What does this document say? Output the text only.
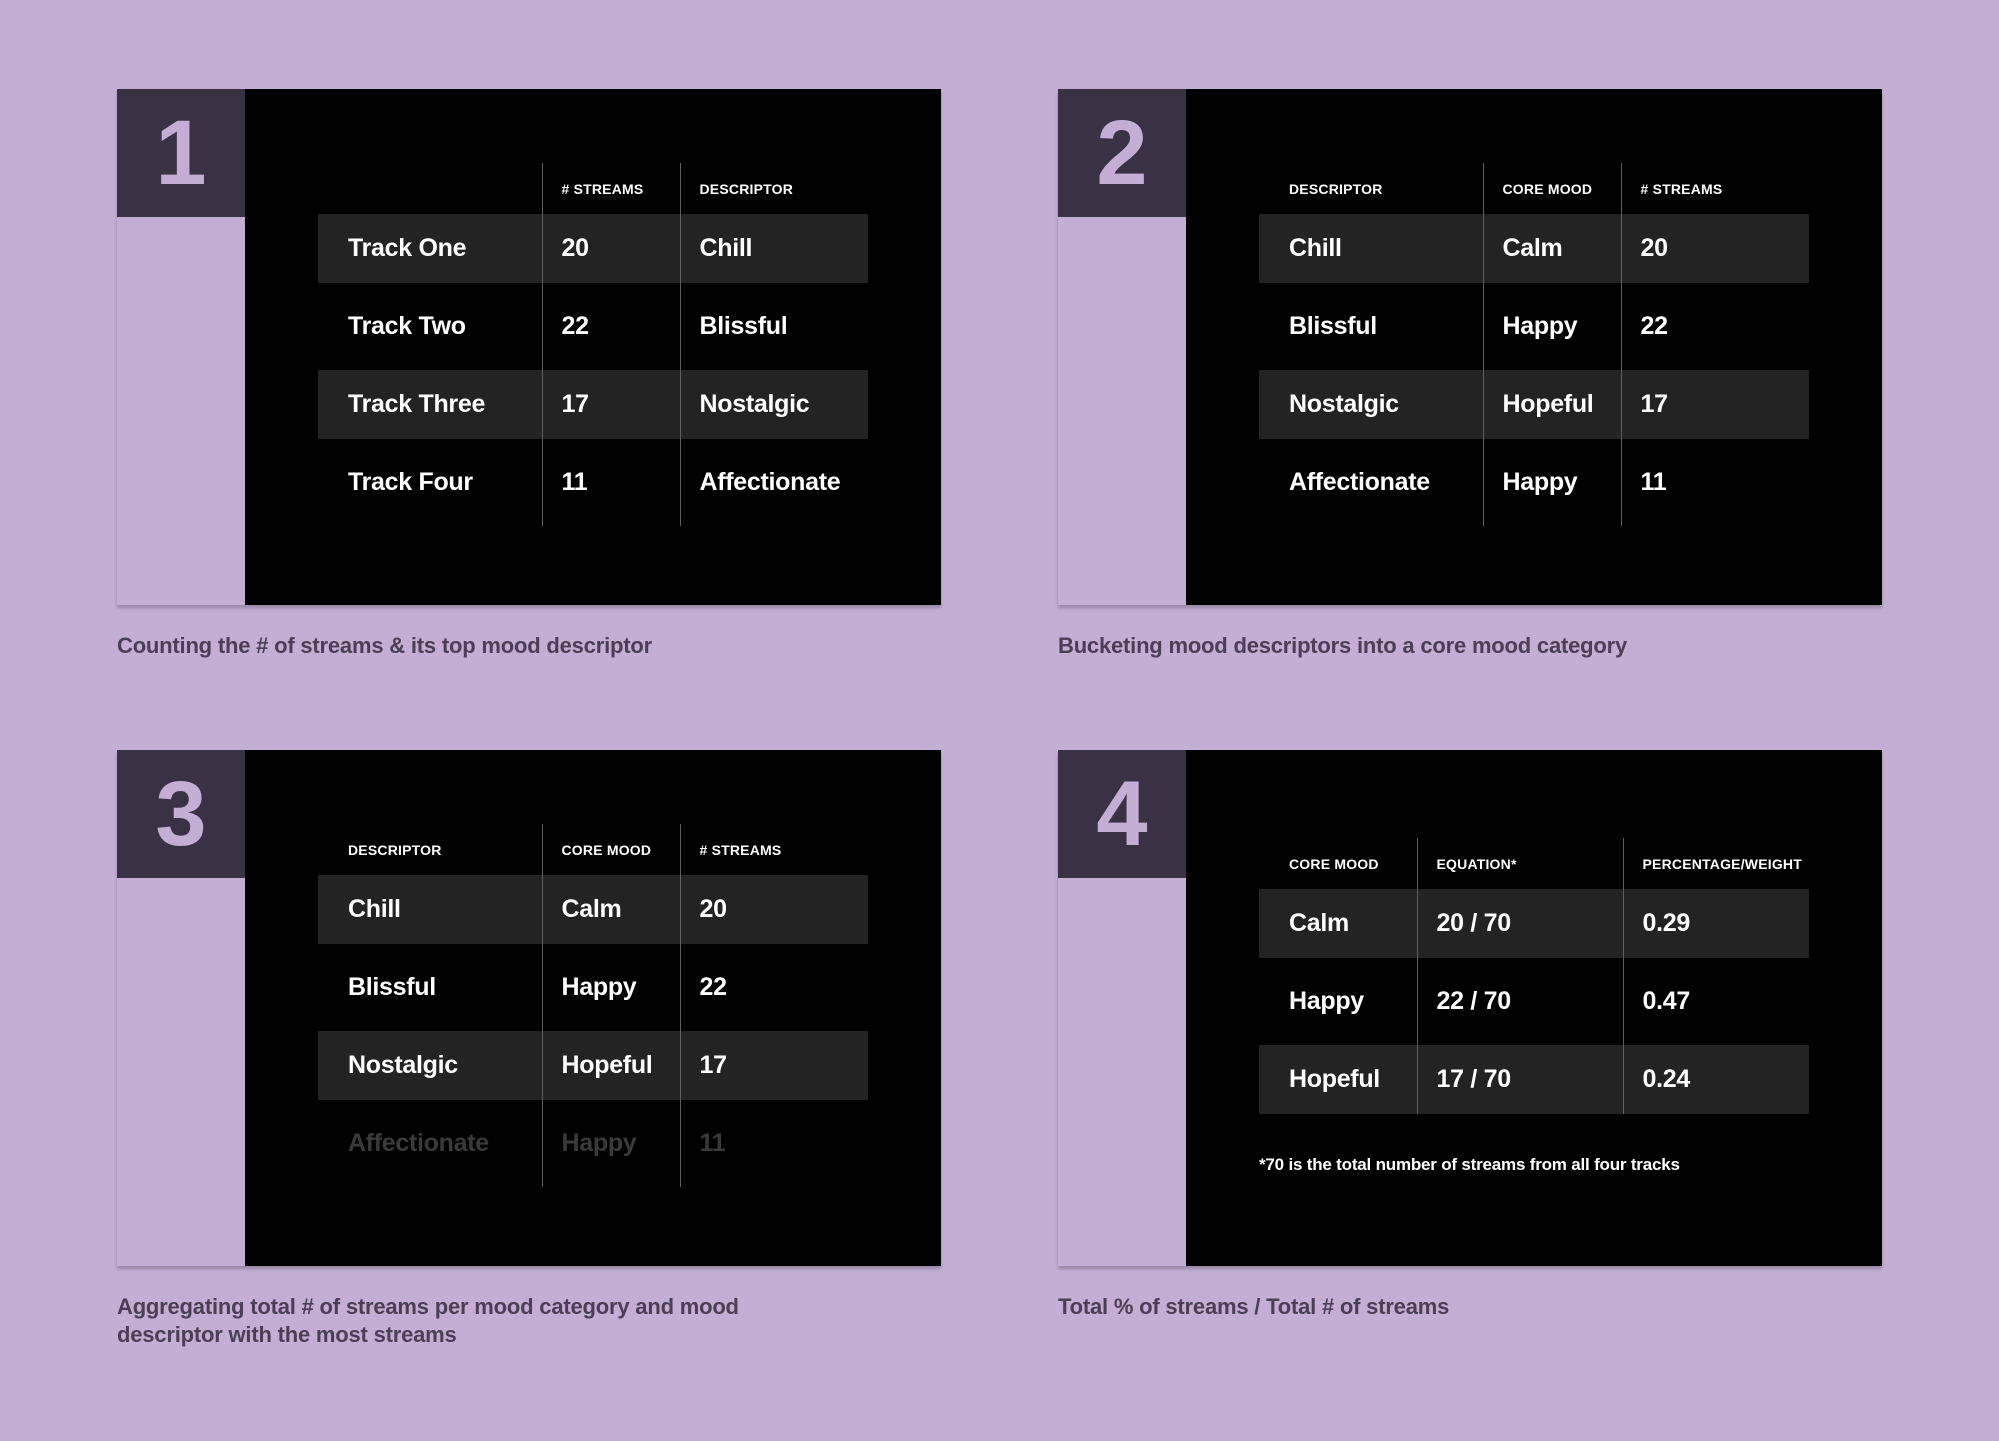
1
		# STREAMS	DESCRIPTOR
Track One	20	Chill

Track Two	22	Blissful

Track Three	17	Nostalgic

Track Four	11	Affectionate

Counting the # of streams & its top mood descriptor
2	DESCRIPTOR	CORE MOOD	# STREAMS
Chill	Calm	20

Blissful	Happy	22

Nostalgic	Hopeful	17

Affectionate	Happy	11

Bucketing mood descriptors into a core mood category
3	DESCRIPTOR	CORE MOOD	# STREAMS
Chill	Calm	20

Blissful	Happy	22

Nostalgic	Hopeful	17

Affectionate	Happy	11

Aggregating total # of streams per mood category and mood descriptor with the most streams
4	CORE MOOD	EQUATION*	PERCENTAGE/WEIGHT
Calm	20 / 70	0.29

Happy	22 / 70	0.47

Hopeful	17 / 70	0.24
*70 is the total number of streams from all four tracks
Total % of streams / Total # of streams
